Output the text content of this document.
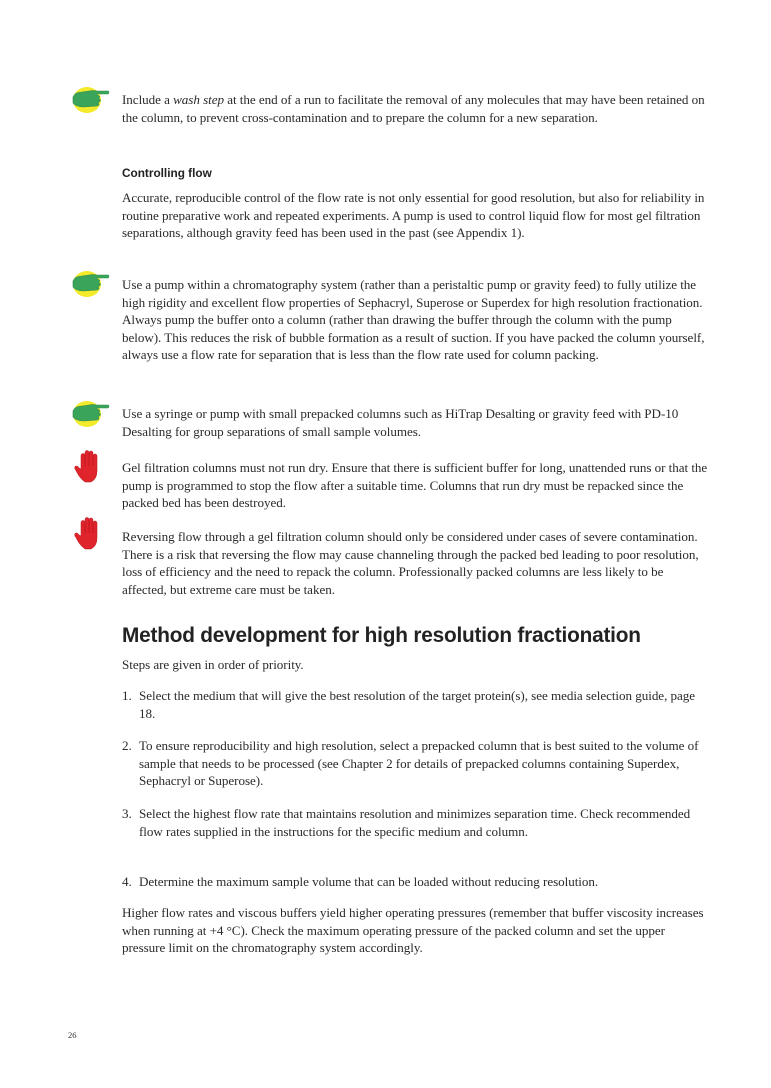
Include a wash step at the end of a run to facilitate the removal of any molecules that may have been retained on the column, to prevent cross-contamination and to prepare the column for a new separation.

Controlling flow

Accurate, reproducible control of the flow rate is not only essential for good resolution, but also for reliability in routine preparative work and repeated experiments. A pump is used to control liquid flow for most gel filtration separations, although gravity feed has been used in the past (see Appendix 1).

Use a pump within a chromatography system (rather than a peristaltic pump or gravity feed) to fully utilize the high rigidity and excellent flow properties of Sephacryl, Superose or Superdex for high resolution fractionation. Always pump the buffer onto a column (rather than drawing the buffer through the column with the pump below). This reduces the risk of bubble formation as a result of suction. If you have packed the column yourself, always use a flow rate for separation that is less than the flow rate used for column packing.

Use a syringe or pump with small prepacked columns such as HiTrap Desalting or gravity feed with PD-10 Desalting for group separations of small sample volumes.

Gel filtration columns must not run dry. Ensure that there is sufficient buffer for long, unattended runs or that the pump is programmed to stop the flow after a suitable time. Columns that run dry must be repacked since the packed bed has been destroyed.

Reversing flow through a gel filtration column should only be considered under cases of severe contamination. There is a risk that reversing the flow may cause channeling through the packed bed leading to poor resolution, loss of efficiency and the need to repack the column. Professionally packed columns are less likely to be affected, but extreme care must be taken.

Method development for high resolution fractionation

Steps are given in order of priority.

1. Select the medium that will give the best resolution of the target protein(s), see media selection guide, page 18.
2. To ensure reproducibility and high resolution, select a prepacked column that is best suited to the volume of sample that needs to be processed (see Chapter 2 for details of prepacked columns containing Superdex, Sephacryl or Superose).
3. Select the highest flow rate that maintains resolution and minimizes separation time. Check recommended flow rates supplied in the instructions for the specific medium and column.
4. Determine the maximum sample volume that can be loaded without reducing resolution.

Higher flow rates and viscous buffers yield higher operating pressures (remember that buffer viscosity increases when running at +4 °C). Check the maximum operating pressure of the packed column and set the upper pressure limit on the chromatography system accordingly.

26
